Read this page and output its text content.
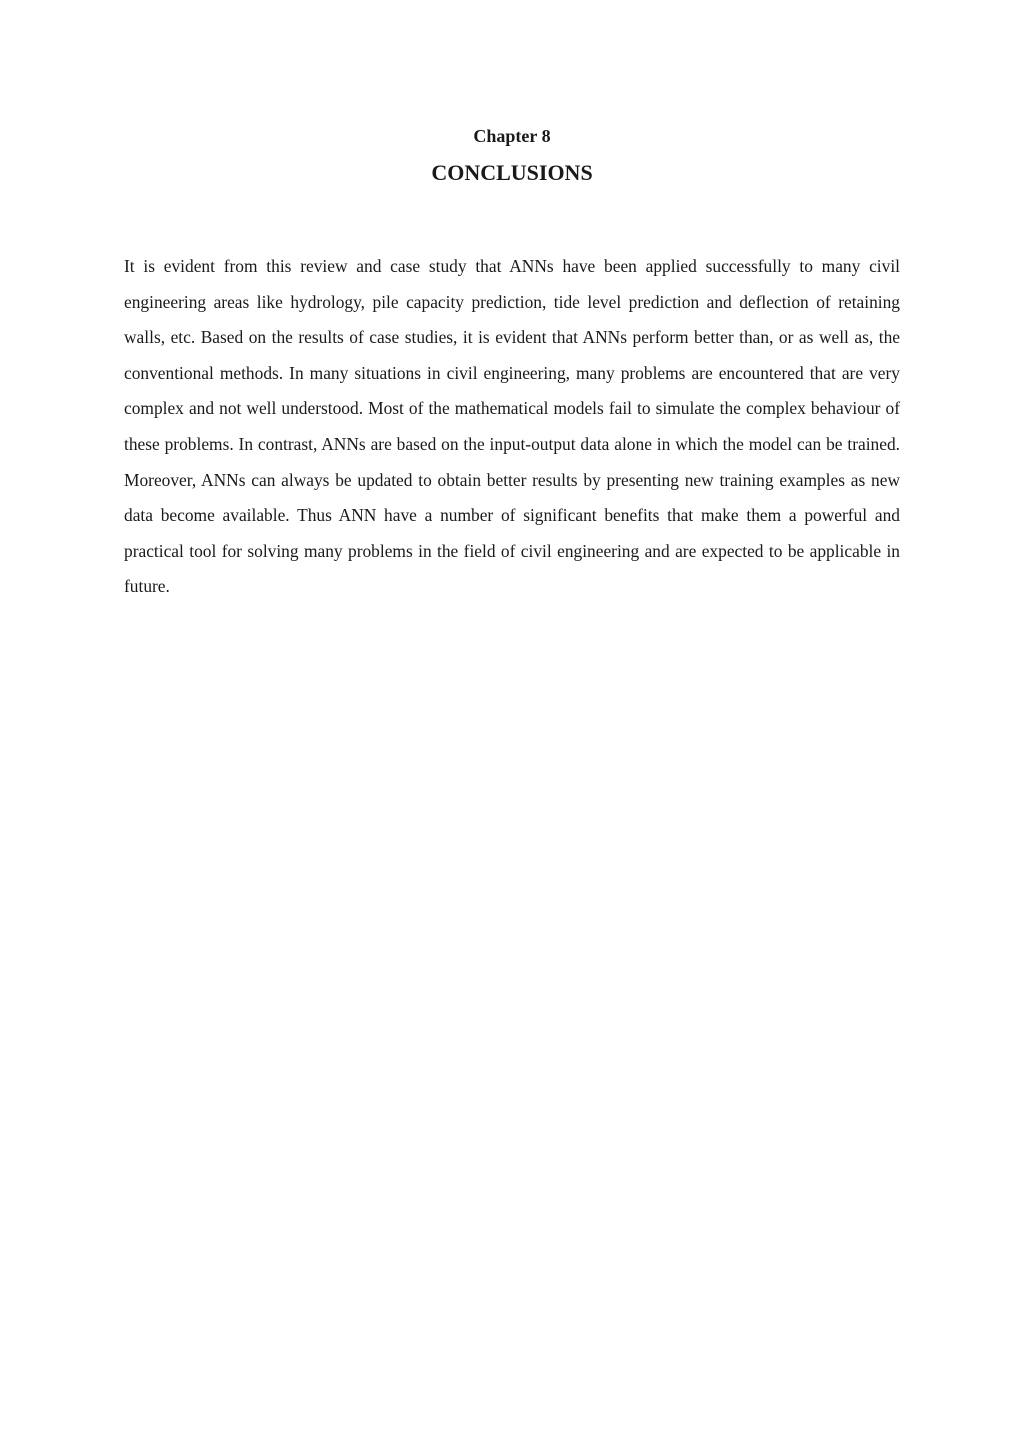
Chapter 8
CONCLUSIONS

It is evident from this review and case study that ANNs have been applied successfully to many civil engineering areas like hydrology, pile capacity prediction, tide level prediction and deflection of retaining walls, etc. Based on the results of case studies, it is evident that ANNs perform better than, or as well as, the conventional methods. In many situations in civil engineering, many problems are encountered that are very complex and not well understood. Most of the mathematical models fail to simulate the complex behaviour of these problems. In contrast, ANNs are based on the input-output data alone in which the model can be trained.  Moreover, ANNs can always be updated to obtain better results by presenting new training examples as new data become available. Thus ANN have a number of significant benefits that make them a powerful and practical tool for solving many problems in the field of civil engineering and are expected to be applicable in future.
